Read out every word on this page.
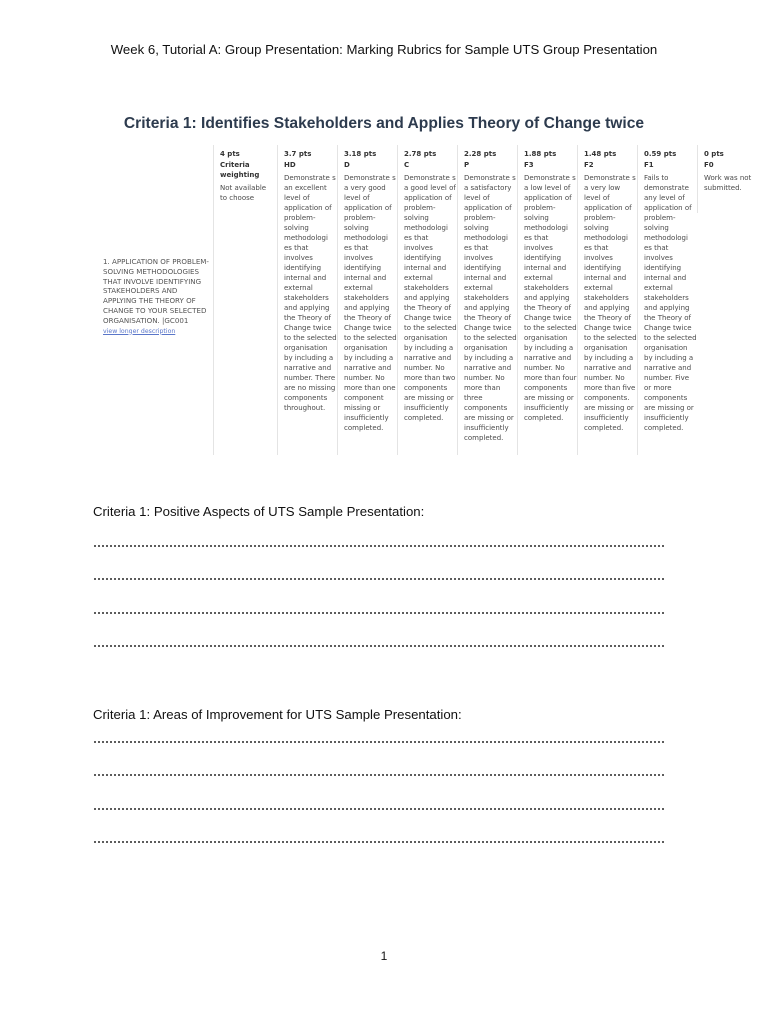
Week 6, Tutorial A: Group Presentation: Marking Rubrics for Sample UTS Group Presentation
Criteria 1: Identifies Stakeholders and Applies Theory of Change twice
1. APPLICATION OF PROBLEM-SOLVING METHODOLOGIES THAT INVOLVE IDENTIFYING STAKEHOLDERS AND APPLYING THE THEORY OF CHANGE TO YOUR SELECTED ORGANISATION. |GC001
view longer description
4 pts
Criteria weighting
Not available to choose
3.7 pts
HD
Demonstrate s an excellent level of application of problem-solving methodologi es that involves identifying internal and external stakeholders and applying the Theory of Change twice to the selected organisation by including a narrative and number. There are no missing components throughout.
3.18 pts
D
Demonstrate s a very good level of application of problem-solving methodologi es that involves identifying internal and external stakeholders and applying the Theory of Change twice to the selected organisation by including a narrative and number. No more than one component missing or insufficiently completed.
2.78 pts
C
Demonstrate s a good level of application of problem-solving methodologi es that involves identifying internal and external stakeholders and applying the Theory of Change twice to the selected organisation by including a narrative and number. No more than two components are missing or insufficiently completed.
2.28 pts
P
Demonstrate s a satisfactory level of application of problem-solving methodologi es that involves identifying internal and external stakeholders and applying the Theory of Change twice to the selected organisation by including a narrative and number. No more than three components are missing or insufficiently completed.
1.88 pts
F3
Demonstrate s a low level of application of problem-solving methodologi es that involves identifying internal and external stakeholders and applying the Theory of Change twice to the selected organisation by including a narrative and number. No more than four components are missing or insufficiently completed.
1.48 pts
F2
Demonstrate s a very low level of application of problem-solving methodologi es that involves identifying internal and external stakeholders and applying the Theory of Change twice to the selected organisation by including a narrative and number. No more than five components. are missing or insufficiently completed.
0.59 pts
F1
Fails to demonstrate any level of application of problem-solving methodologi es that involves identifying internal and external stakeholders and applying the Theory of Change twice to the selected organisation by including a narrative and number. Five or more components are missing or insufficiently completed.
0 pts
F0
Work was not submitted.
Criteria 1: Positive Aspects of UTS Sample Presentation:
Criteria 1: Areas of Improvement for UTS Sample Presentation:
1
